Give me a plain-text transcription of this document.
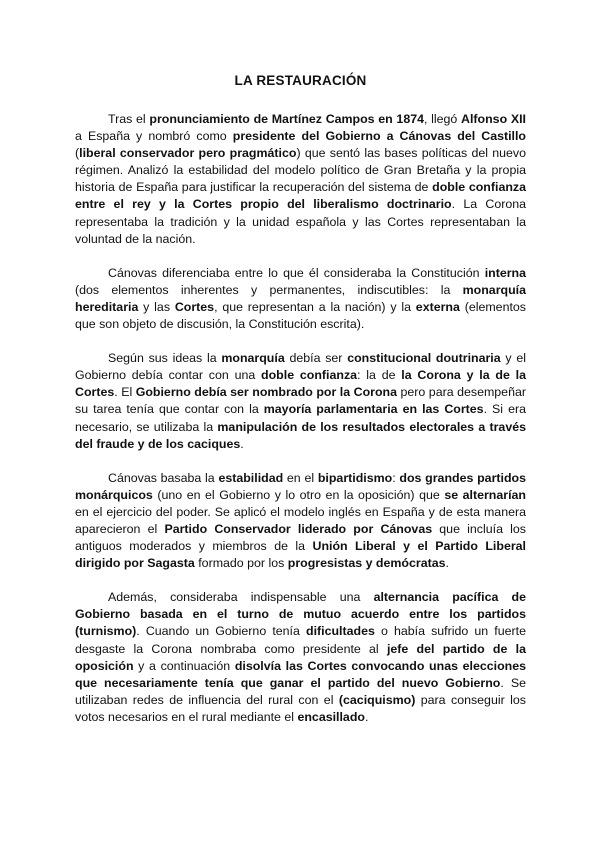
LA RESTAURACIÓN

Tras el pronunciamiento de Martínez Campos en 1874, llegó Alfonso XII a España y nombró como presidente del Gobierno a Cánovas del Castillo (liberal conservador pero pragmático) que sentó las bases políticas del nuevo régimen. Analizó la estabilidad del modelo político de Gran Bretaña y la propia historia de España para justificar la recuperación del sistema de doble confianza entre el rey y la Cortes propio del liberalismo doctrinario. La Corona representaba la tradición y la unidad española y las Cortes representaban la voluntad de la nación.

Cánovas diferenciaba entre lo que él consideraba la Constitución interna (dos elementos inherentes y permanentes, indiscutibles: la monarquía hereditaria y las Cortes, que representan a la nación) y la externa (elementos que son objeto de discusión, la Constitución escrita).

Según sus ideas la monarquía debía ser constitucional doutrinaria y el Gobierno debía contar con una doble confianza: la de la Corona y la de la Cortes. El Gobierno debía ser nombrado por la Corona pero para desempeñar su tarea tenía que contar con la mayoría parlamentaria en las Cortes. Si era necesario, se utilizaba la manipulación de los resultados electorales a través del fraude y de los caciques.

Cánovas basaba la estabilidad en el bipartidismo: dos grandes partidos monárquicos (uno en el Gobierno y lo otro en la oposición) que se alternarían en el ejercicio del poder. Se aplicó el modelo inglés en España y de esta manera aparecieron el Partido Conservador liderado por Cánovas que incluía los antiguos moderados y miembros de la Unión Liberal y el Partido Liberal dirigido por Sagasta formado por los progresistas y demócratas.

Además, consideraba indispensable una alternancia pacífica de Gobierno basada en el turno de mutuo acuerdo entre los partidos (turnismo). Cuando un Gobierno tenía dificultades o había sufrido un fuerte desgaste la Corona nombraba como presidente al jefe del partido de la oposición y a continuación disolvía las Cortes convocando unas elecciones que necesariamente tenía que ganar el partido del nuevo Gobierno. Se utilizaban redes de influencia del rural con el (caciquismo) para conseguir los votos necesarios en el rural mediante el encasillado.
